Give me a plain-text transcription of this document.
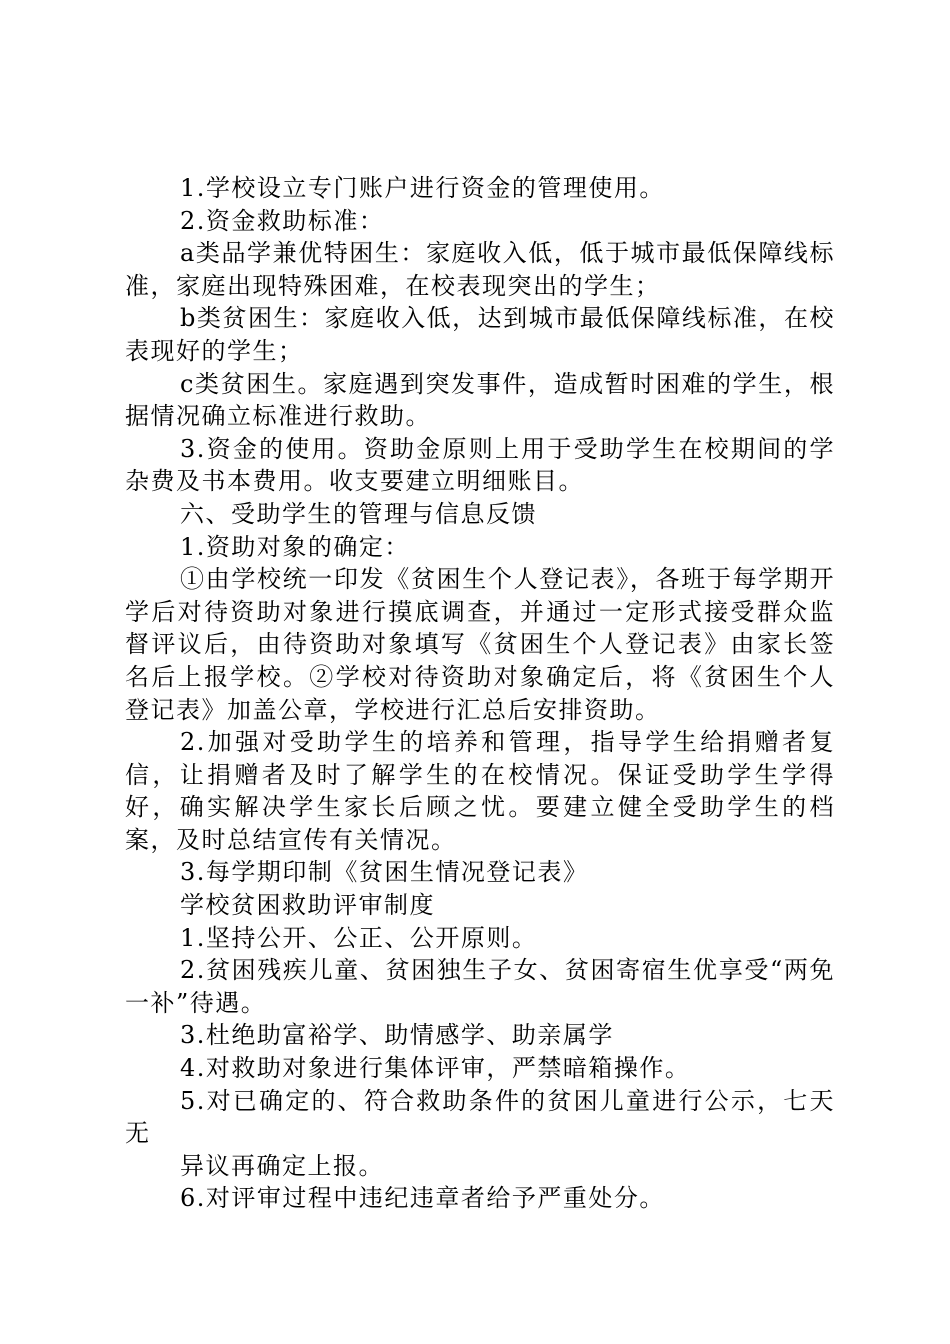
1.学校设立专门账户进行资金的管理使用。

2.资金救助标准：

a类品学兼优特困生：家庭收入低，低于城市最低保障线标准，家庭出现特殊困难，在校表现突出的学生；

b类贫困生：家庭收入低，达到城市最低保障线标准，在校表现好的学生；

c类贫困生。家庭遇到突发事件，造成暂时困难的学生，根据情况确立标准进行救助。

3.资金的使用。资助金原则上用于受助学生在校期间的学杂费及书本费用。收支要建立明细账目。

六、受助学生的管理与信息反馈

1.资助对象的确定：

①由学校统一印发《贫困生个人登记表》，各班于每学期开学后对待资助对象进行摸底调查，并通过一定形式接受群众监督评议后，由待资助对象填写《贫困生个人登记表》由家长签名后上报学校。②学校对待资助对象确定后，将《贫困生个人登记表》加盖公章，学校进行汇总后安排资助。

2.加强对受助学生的培养和管理，指导学生给捐赠者复信，让捐赠者及时了解学生的在校情况。保证受助学生学得好，确实解决学生家长后顾之忧。要建立健全受助学生的档案，及时总结宣传有关情况。

3.每学期印制《贫困生情况登记表》

学校贫困救助评审制度

1.坚持公开、公正、公开原则。

2.贫困残疾儿童、贫困独生子女、贫困寄宿生优享受“两免一补”待遇。

3.杜绝助富裕学、助情感学、助亲属学

4.对救助对象进行集体评审，严禁暗箱操作。

5.对已确定的、符合救助条件的贫困儿童进行公示，七天无

异议再确定上报。

6.对评审过程中违纪违章者给予严重处分。
